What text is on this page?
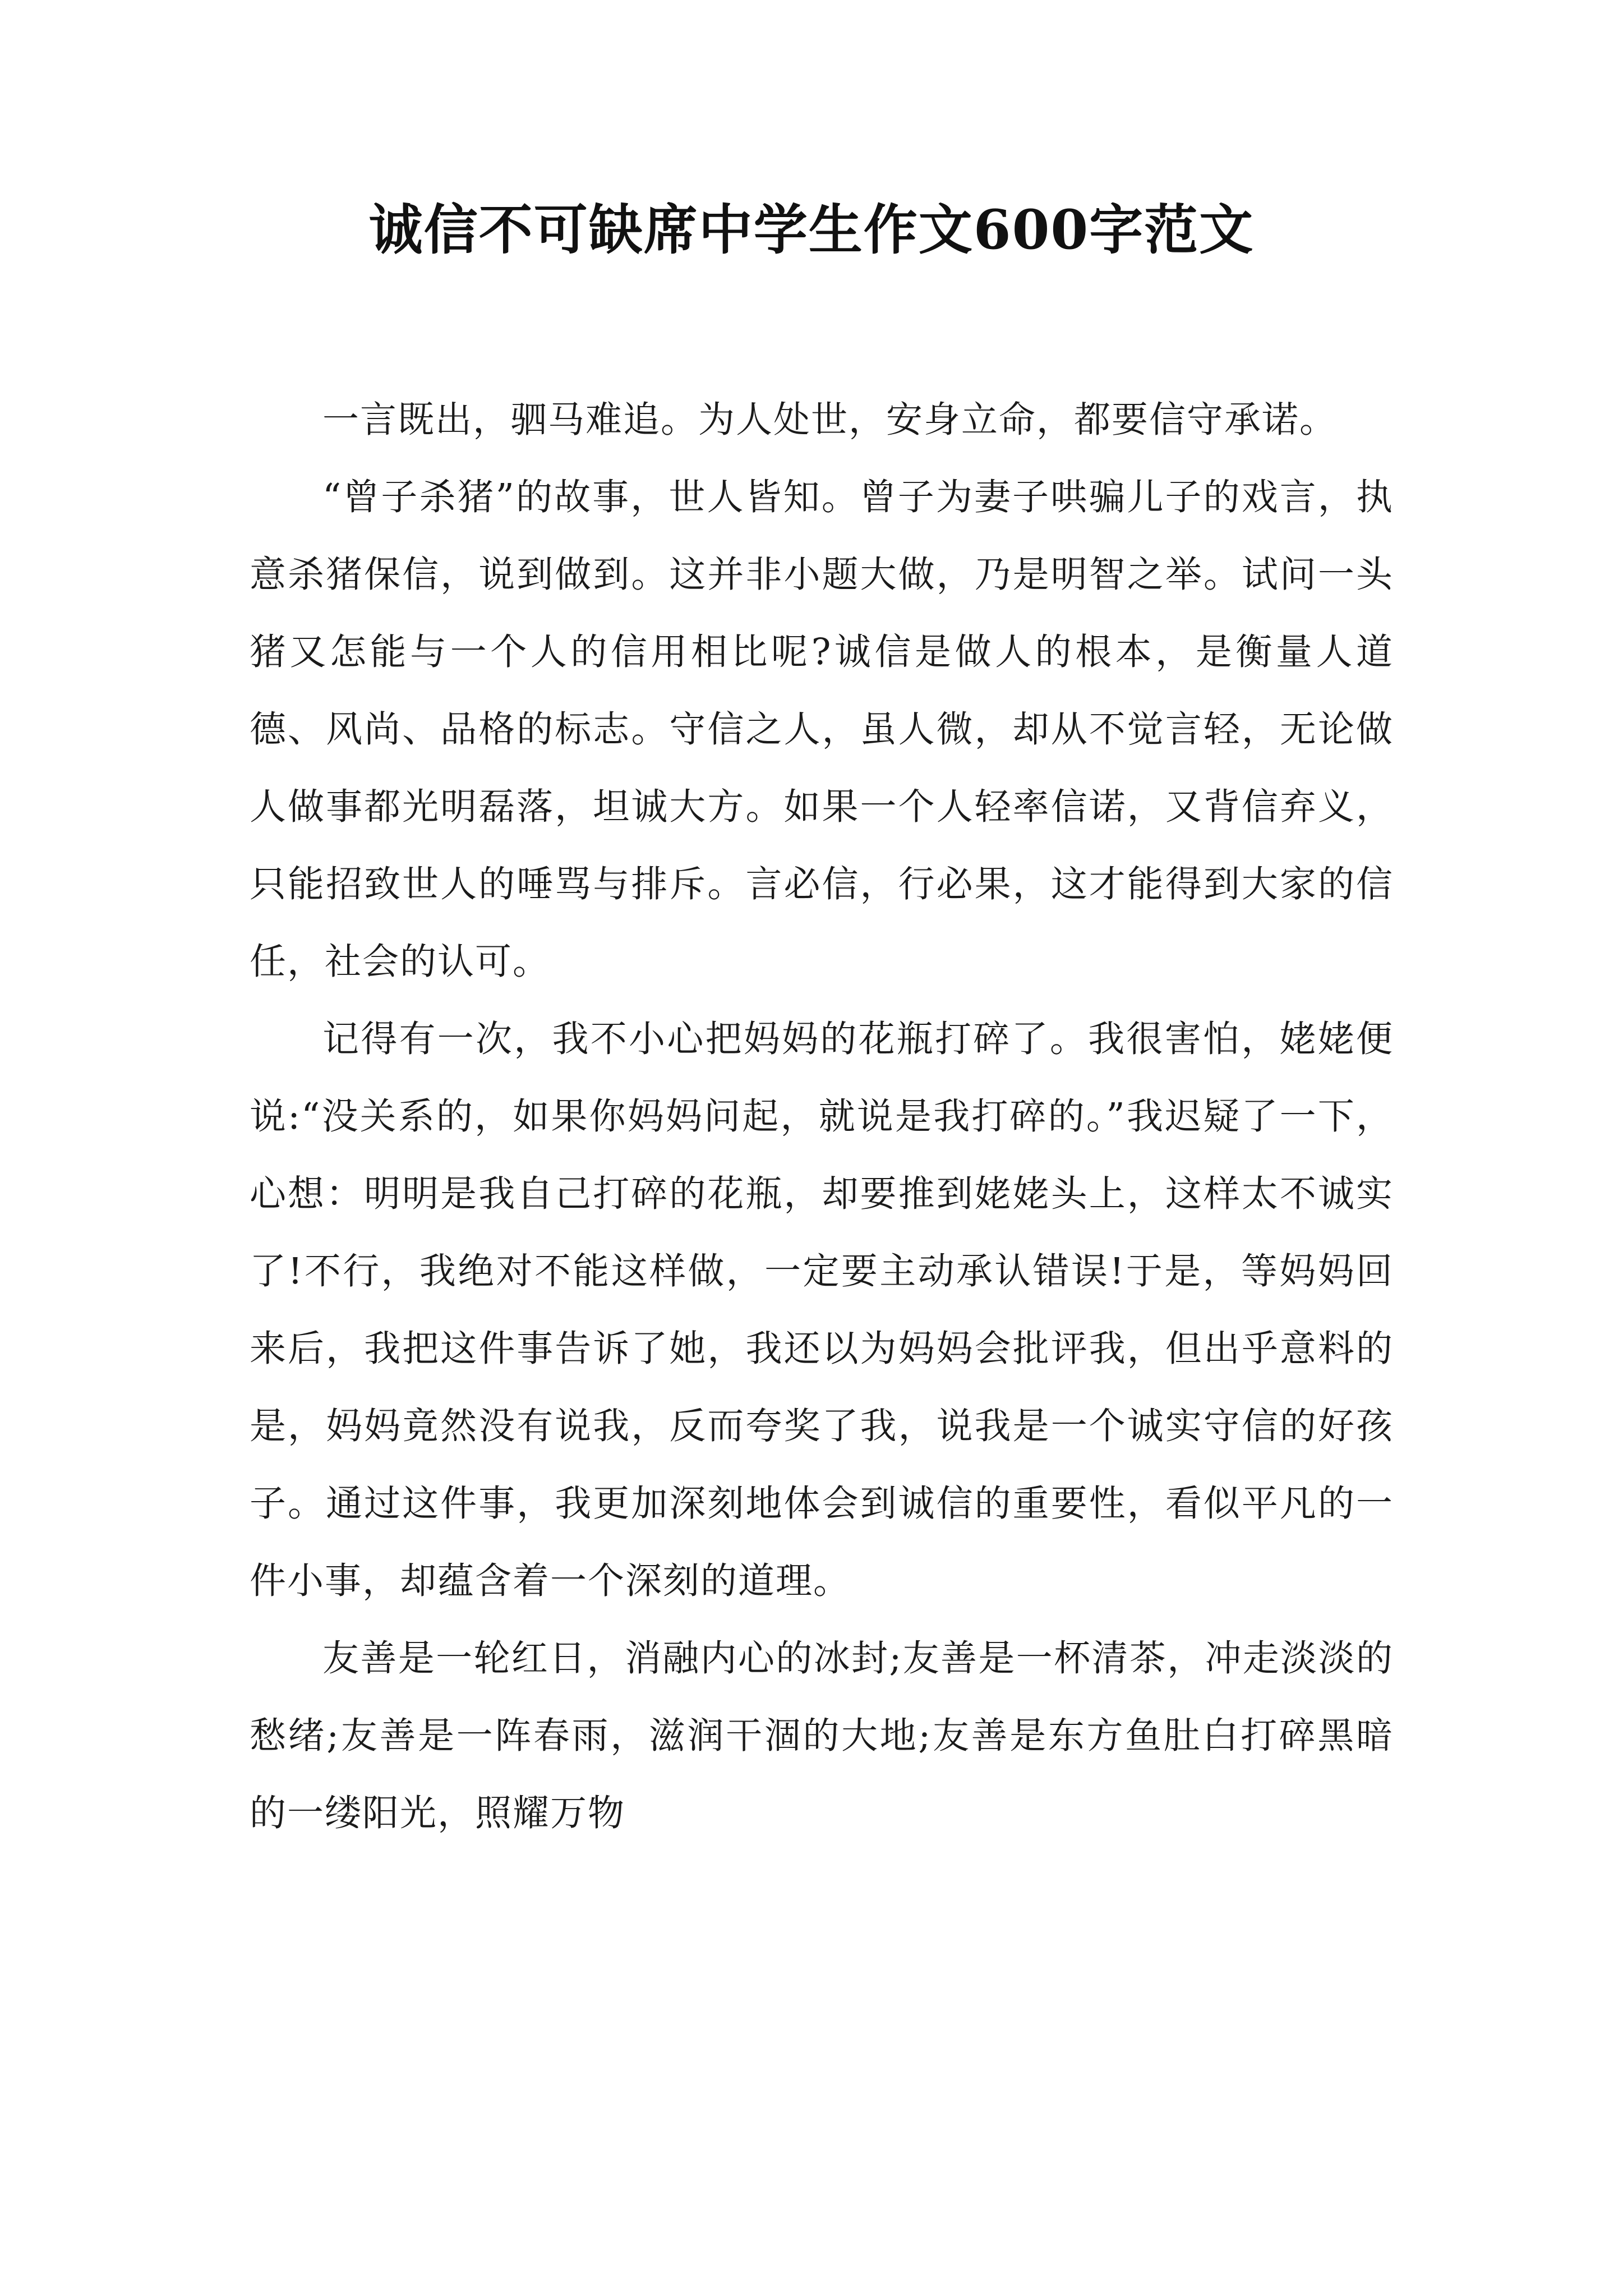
诚信不可缺席中学生作文600字范文

一言既出，驷马难追。为人处世，安身立命，都要信守承诺。

“曾子杀猪”的故事，世人皆知。曾子为妻子哄骗儿子的戏言，执意杀猪保信，说到做到。这并非小题大做，乃是明智之举。试问一头猪又怎能与一个人的信用相比呢?诚信是做人的根本，是衡量人道德、风尚、品格的标志。守信之人，虽人微，却从不觉言轻，无论做人做事都光明磊落，坦诚大方。如果一个人轻率信诺，又背信弃义，只能招致世人的唾骂与排斥。言必信，行必果，这才能得到大家的信任，社会的认可。

记得有一次，我不小心把妈妈的花瓶打碎了。我很害怕，姥姥便说:“没关系的，如果你妈妈问起，就说是我打碎的。”我迟疑了一下，心想：明明是我自己打碎的花瓶，却要推到姥姥头上，这样太不诚实了!不行，我绝对不能这样做，一定要主动承认错误!于是，等妈妈回来后，我把这件事告诉了她，我还以为妈妈会批评我，但出乎意料的是，妈妈竟然没有说我，反而夸奖了我，说我是一个诚实守信的好孩子。通过这件事，我更加深刻地体会到诚信的重要性，看似平凡的一件小事，却蕴含着一个深刻的道理。

友善是一轮红日，消融内心的冰封;友善是一杯清茶，冲走淡淡的愁绪;友善是一阵春雨，滋润干涸的大地;友善是东方鱼肚白打碎黑暗的一缕阳光，照耀万物
